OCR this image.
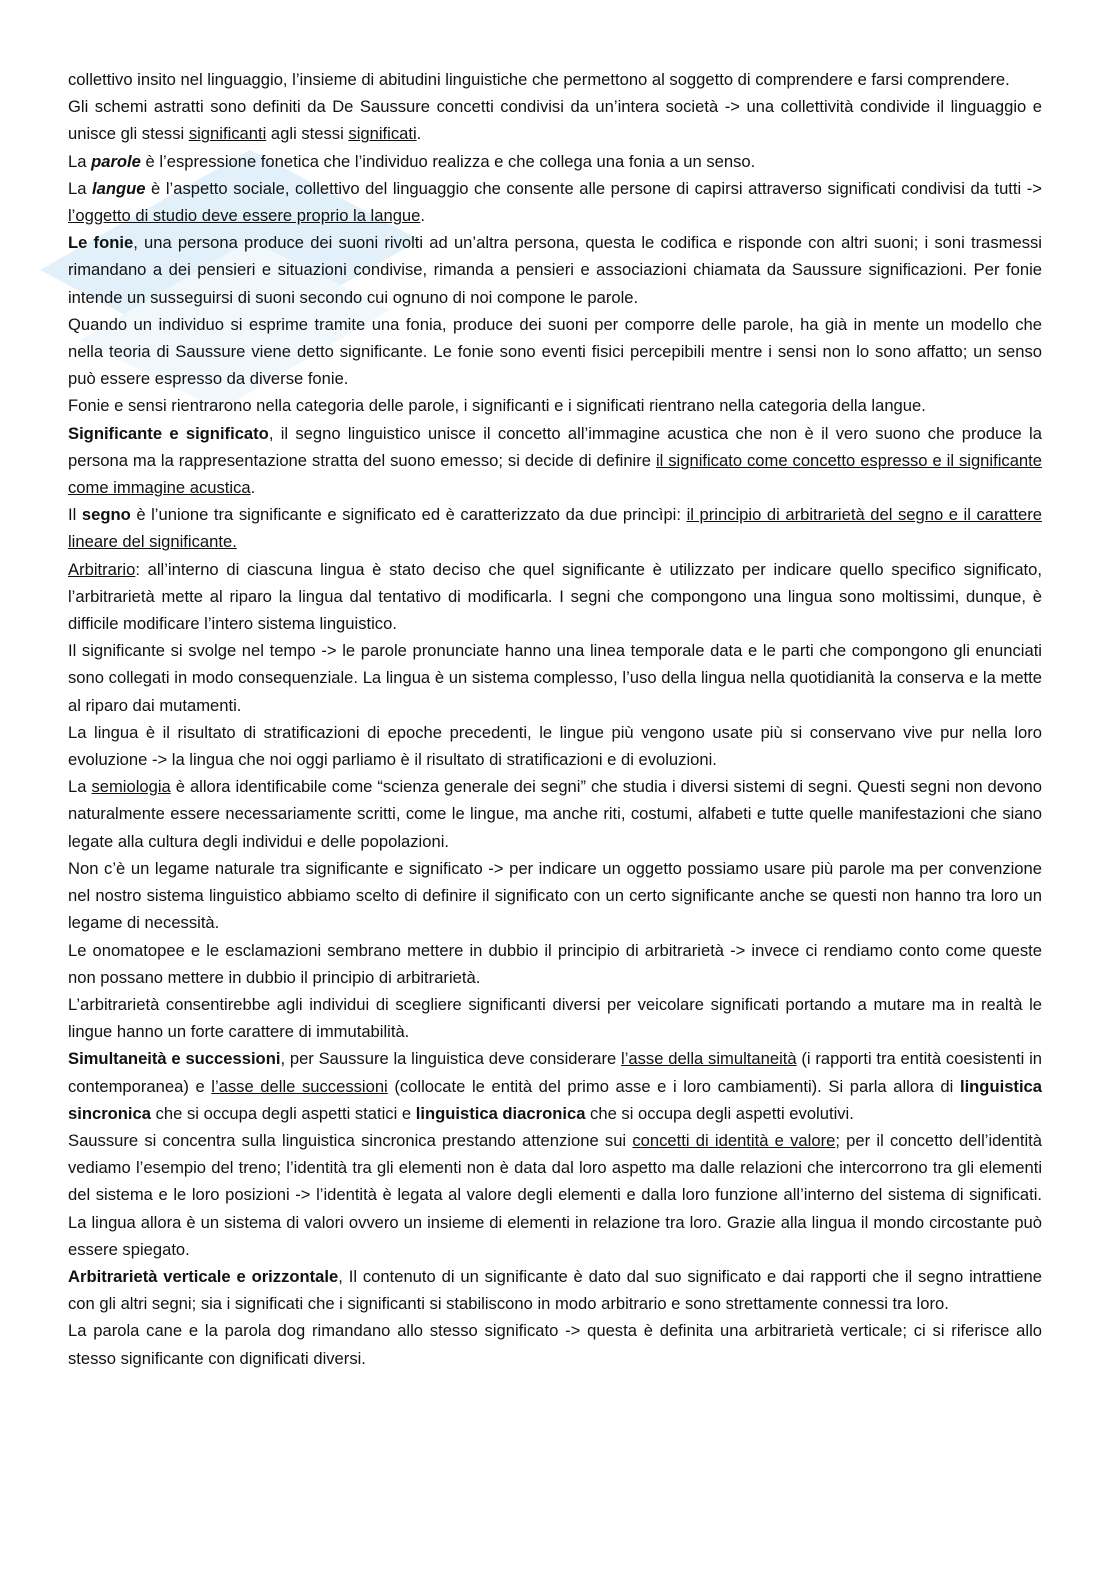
collettivo insito nel linguaggio, l’insieme di abitudini linguistiche che permettono al soggetto di comprendere e farsi comprendere.

Gli schemi astratti sono definiti da De Saussure concetti condivisi da un’intera società -> una collettività condivide il linguaggio e unisce gli stessi significanti agli stessi significati.

La parole è l’espressione fonetica che l’individuo realizza e che collega una fonia a un senso.

La langue è l’aspetto sociale, collettivo del linguaggio che consente alle persone di capirsi attraverso significati condivisi da tutti -> l’oggetto di studio deve essere proprio la langue.

Le fonie, una persona produce dei suoni rivolti ad un’altra persona, questa le codifica e risponde con altri suoni; i soni trasmessi rimandano a dei pensieri e situazioni condivise, rimanda a pensieri e associazioni chiamata da Saussure significazioni. Per fonie intende un susseguirsi di suoni secondo cui ognuno di noi compone le parole.

Quando un individuo si esprime tramite una fonia, produce dei suoni per comporre delle parole, ha già in mente un modello che nella teoria di Saussure viene detto significante. Le fonie sono eventi fisici percepibili mentre i sensi non lo sono affatto; un senso può essere espresso da diverse fonie.

Fonie e sensi rientrarono nella categoria delle parole, i significanti e i significati rientrano nella categoria della langue.

Significante e significato, il segno linguistico unisce il concetto all’immagine acustica che non è il vero suono che produce la persona ma la rappresentazione stratta del suono emesso; si decide di definire il significato come concetto espresso e il significante come immagine acustica.

Il segno è l’unione tra significante e significato ed è caratterizzato da due princìpi: il principio di arbitrarietà del segno e il carattere lineare del significante.

Arbitrario: all’interno di ciascuna lingua è stato deciso che quel significante è utilizzato per indicare quello specifico significato, l’arbitrarietà mette al riparo la lingua dal tentativo di modificarla. I segni che compongono una lingua sono moltissimi, dunque, è difficile modificare l’intero sistema linguistico.

Il significante si svolge nel tempo -> le parole pronunciate hanno una linea temporale data e le parti che compongono gli enunciati sono collegati in modo consequenziale. La lingua è un sistema complesso, l’uso della lingua nella quotidianità la conserva e la mette al riparo dai mutamenti.

La lingua è il risultato di stratificazioni di epoche precedenti, le lingue più vengono usate più si conservano vive pur nella loro evoluzione -> la lingua che noi oggi parliamo è il risultato di stratificazioni e di evoluzioni.

La semiologia è allora identificabile come “scienza generale dei segni” che studia i diversi sistemi di segni. Questi segni non devono naturalmente essere necessariamente scritti, come le lingue, ma anche riti, costumi, alfabeti e tutte quelle manifestazioni che siano legate alla cultura degli individui e delle popolazioni.

Non c’è un legame naturale tra significante e significato -> per indicare un oggetto possiamo usare più parole ma per convenzione nel nostro sistema linguistico abbiamo scelto di definire il significato con un certo significante anche se questi non hanno tra loro un legame di necessità.

Le onomatopee e le esclamazioni sembrano mettere in dubbio il principio di arbitrarietà -> invece ci rendiamo conto come queste non possano mettere in dubbio il principio di arbitrarietà.

L’arbitrarietà consentirebbe agli individui di scegliere significanti diversi per veicolare significati portando a mutare ma in realtà le lingue hanno un forte carattere di immutabilità.

Simultaneità e successioni, per Saussure la linguistica deve considerare l’asse della simultaneità (i rapporti tra entità coesistenti in contemporanea) e l’asse delle successioni (collocate le entità del primo asse e i loro cambiamenti). Si parla allora di linguistica sincronica che si occupa degli aspetti statici e linguistica diacronica che si occupa degli aspetti evolutivi.

Saussure si concentra sulla linguistica sincronica prestando attenzione sui concetti di identità e valore; per il concetto dell’identità vediamo l’esempio del treno; l’identità tra gli elementi non è data dal loro aspetto ma dalle relazioni che intercorrono tra gli elementi del sistema e le loro posizioni -> l’identità è legata al valore degli elementi e dalla loro funzione all’interno del sistema di significati. La lingua allora è un sistema di valori ovvero un insieme di elementi in relazione tra loro. Grazie alla lingua il mondo circostante può essere spiegato.

Arbitrarietà verticale e orizzontale, Il contenuto di un significante è dato dal suo significato e dai rapporti che il segno intrattiene con gli altri segni; sia i significati che i significanti si stabiliscono in modo arbitrario e sono strettamente connessi tra loro.

La parola cane e la parola dog rimandano allo stesso significato -> questa è definita una arbitrarietà verticale; ci si riferisce allo stesso significante con dignificati diversi.
